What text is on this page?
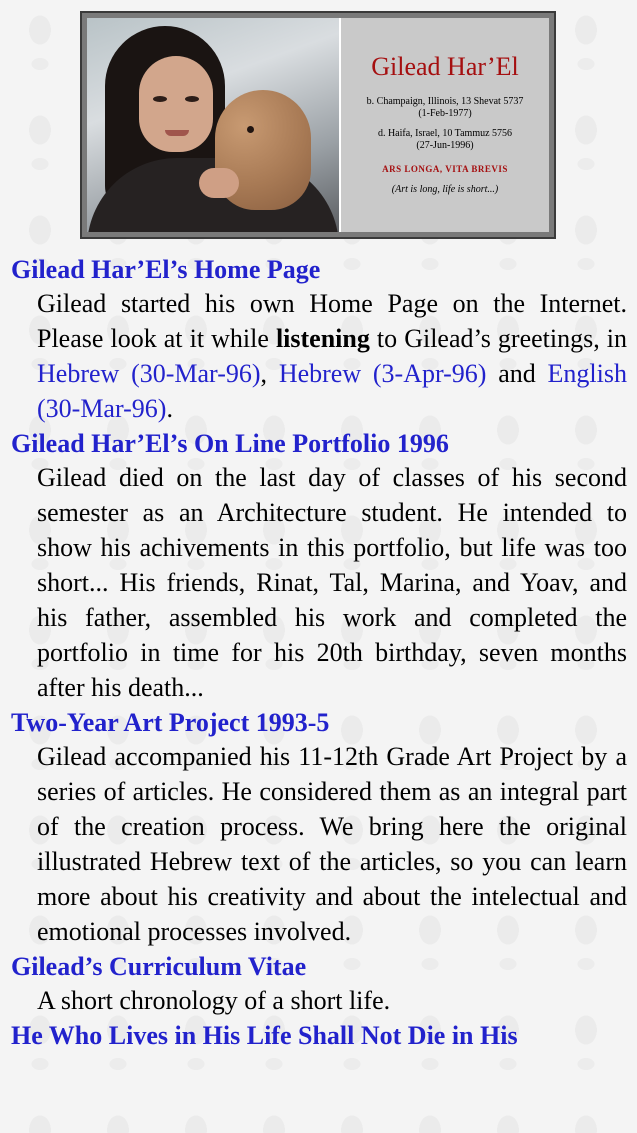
Gilead Har’El

b. Champaign, Illinois, 13 Shevat 5737

(1-Feb-1977)

d. Haifa, Israel, 10 Tammuz 5756

(27-Jun-1996)

ARS LONGA, VITA BREVIS

(Art is long, life is short...)

Gilead Har’El’s Home Page

Gilead started his own Home Page on the Internet. Please look at it while listening to Gilead’s greetings, in Hebrew (30-Mar-96), Hebrew (3-Apr-96) and English (30-Mar-96).

Gilead Har’El’s On Line Portfolio 1996

Gilead died on the last day of classes of his second semester as an Architecture student. He intended to show his achivements in this portfolio, but life was too short... His friends, Rinat, Tal, Marina, and Yoav, and his father, assembled his work and completed the portfolio in time for his 20th birthday, seven months after his death...

Two-Year Art Project 1993-5

Gilead accompanied his 11-12th Grade Art Project by a series of articles. He considered them as an integral part of the creation process. We bring here the original illustrated Hebrew text of the articles, so you can learn more about his creativity and about the intelectual and emotional processes involved.

Gilead’s Curriculum Vitae

A short chronology of a short life.

He Who Lives in His Life Shall Not Die in His
